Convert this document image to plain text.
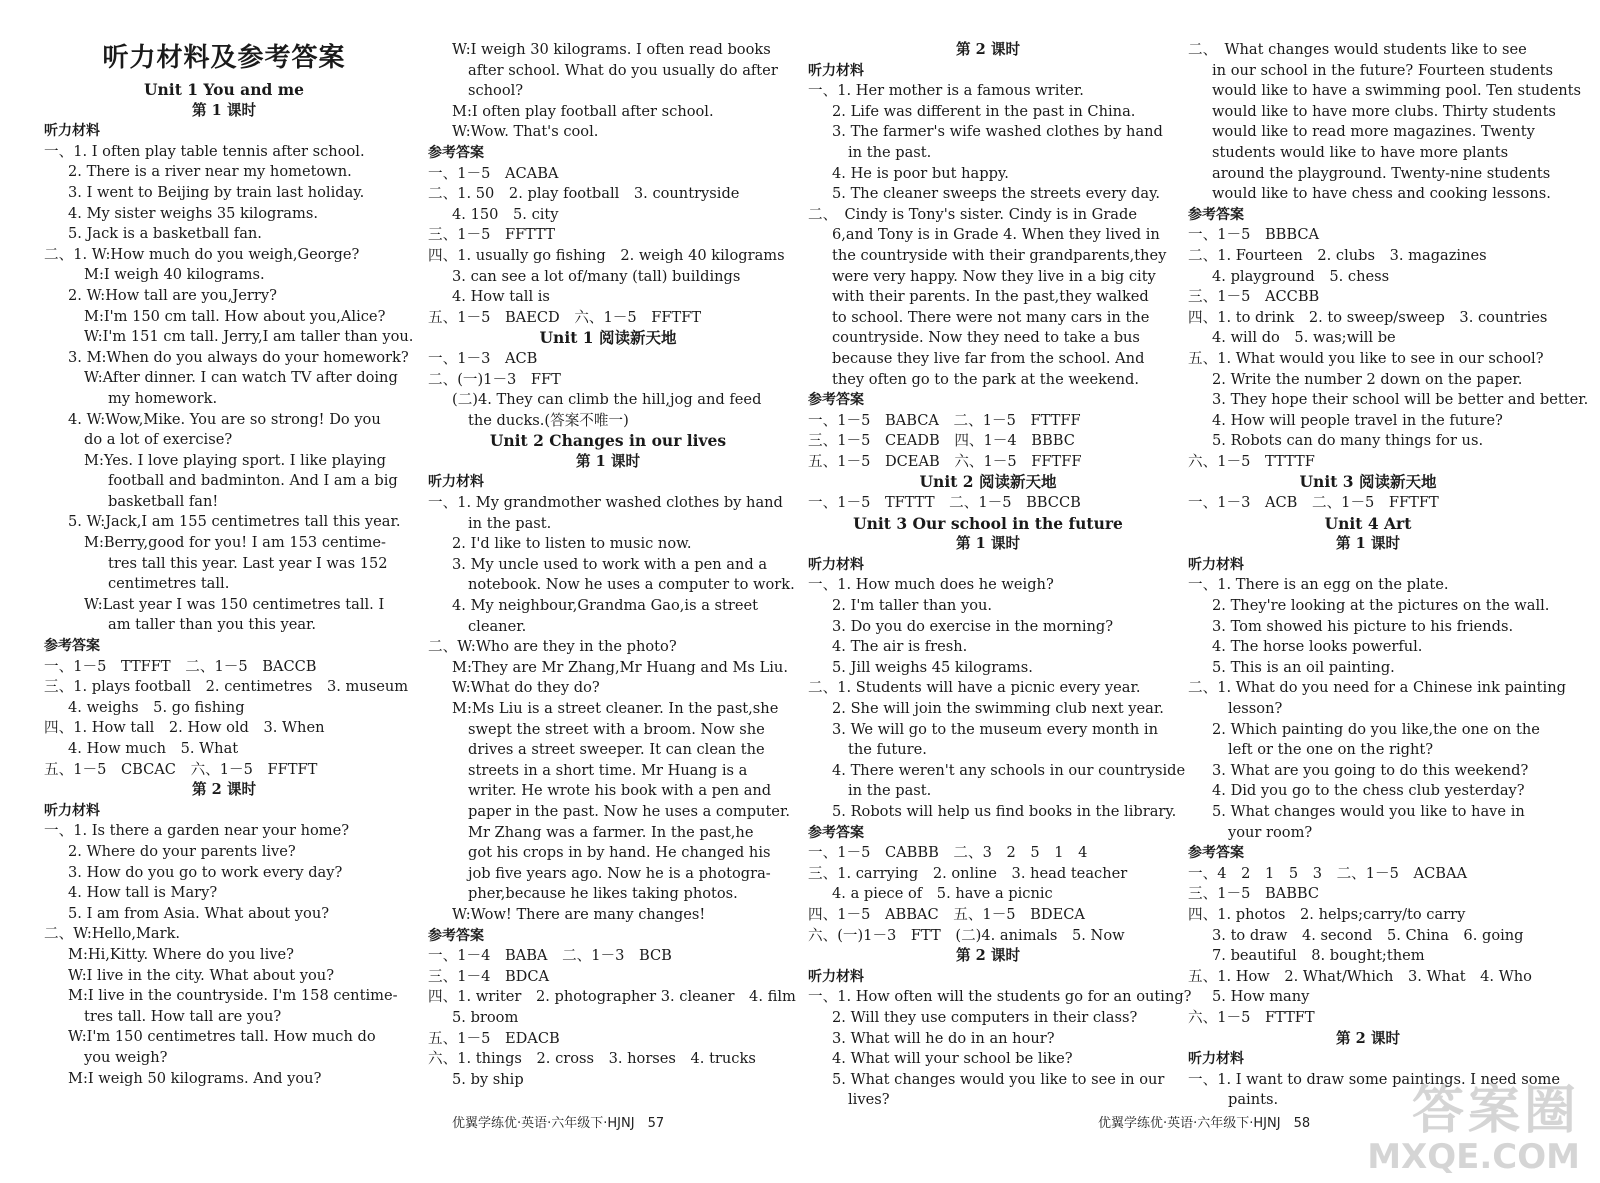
听力材料及参考答案
Unit 1 You and me
第 1 课时
听力材料
一、1. I often play table tennis after school.
2. There is a river near my hometown.
3. I went to Beijing by train last holiday.
4. My sister weighs 35 kilograms.
5. Jack is a basketball fan.
二、1. W:How much do you weigh,George?
M:I weigh 40 kilograms.
2. W:How tall are you,Jerry?
M:I'm 150 cm tall. How about you,Alice?
W:I'm 151 cm tall. Jerry,I am taller than you.
3. M:When do you always do your homework?
W:After dinner. I can watch TV after doing
my homework.
4. W:Wow,Mike. You are so strong! Do you
do a lot of exercise?
M:Yes. I love playing sport. I like playing
football and badminton. And I am a big
basketball fan!
5. W:Jack,I am 155 centimetres tall this year.
M:Berry,good for you! I am 153 centime-
tres tall this year. Last year I was 152
centimetres tall.
W:Last year I was 150 centimetres tall. I
am taller than you this year.
参考答案
一、1－5　TTFFT　二、1－5　BACCB
三、1. plays football　2. centimetres　3. museum
4. weighs　5. go fishing
四、1. How tall　2. How old　3. When
4. How much　5. What
五、1－5　CBCAC　六、1－5　FFTFT
第 2 课时
听力材料
一、1. Is there a garden near your home?
2. Where do your parents live?
3. How do you go to work every day?
4. How tall is Mary?
5. I am from Asia. What about you?
二、W:Hello,Mark.
M:Hi,Kitty. Where do you live?
W:I live in the city. What about you?
M:I live in the countryside. I'm 158 centime-
tres tall. How tall are you?
W:I'm 150 centimetres tall. How much do
you weigh?
M:I weigh 50 kilograms. And you?
W:I weigh 30 kilograms. I often read books
after school. What do you usually do after
school?
M:I often play football after school.
W:Wow. That's cool.
参考答案
一、1－5　ACABA
二、1. 50　2. play football　3. countryside
4. 150　5. city
三、1－5　FFTTT
四、1. usually go fishing　2. weigh 40 kilograms
3. can see a lot of/many (tall) buildings
4. How tall is
五、1－5　BAECD　六、1－5　FFTFT
Unit 1 阅读新天地
一、1－3　ACB
二、(一)1－3　FFT
(二)4. They can climb the hill,jog and feed
the ducks.(答案不唯一)
Unit 2 Changes in our lives
第 1 课时
听力材料
一、1. My grandmother washed clothes by hand
in the past.
2. I'd like to listen to music now.
3. My uncle used to work with a pen and a
notebook. Now he uses a computer to work.
4. My neighbour,Grandma Gao,is a street
cleaner.
二、W:Who are they in the photo?
M:They are Mr Zhang,Mr Huang and Ms Liu.
W:What do they do?
M:Ms Liu is a street cleaner. In the past,she
swept the street with a broom. Now she
drives a street sweeper. It can clean the
streets in a short time. Mr Huang is a
writer. He wrote his book with a pen and
paper in the past. Now he uses a computer.
Mr Zhang was a farmer. In the past,he
got his crops in by hand. He changed his
job five years ago. Now he is a photogra-
pher,because he likes taking photos.
W:Wow! There are many changes!
参考答案
一、1－4　BABA　二、1－3　BCB
三、1－4　BDCA
四、1. writer　2. photographer 3. cleaner　4. film
5. broom
五、1－5　EDACB
六、1. things　2. cross　3. horses　4. trucks
5. by ship
第 2 课时
听力材料
一、1. Her mother is a famous writer.
2. Life was different in the past in China.
3. The farmer's wife washed clothes by hand
in the past.
4. He is poor but happy.
5. The cleaner sweeps the streets every day.
二、　Cindy is Tony's sister. Cindy is in Grade
6,and Tony is in Grade 4. When they lived in
the countryside with their grandparents,they
were very happy. Now they live in a big city
with their parents. In the past,they walked
to school. There were not many cars in the
countryside. Now they need to take a bus
because they live far from the school. And
they often go to the park at the weekend.
参考答案
一、1－5　BABCA　二、1－5　FTTFF
三、1－5　CEADB　四、1－4　BBBC
五、1－5　DCEAB　六、1－5　FFTFF
Unit 2 阅读新天地
一、1－5　TFTTT　二、1－5　BBCCB
Unit 3 Our school in the future
第 1 课时
听力材料
一、1. How much does he weigh?
2. I'm taller than you.
3. Do you do exercise in the morning?
4. The air is fresh.
5. Jill weighs 45 kilograms.
二、1. Students will have a picnic every year.
2. She will join the swimming club next year.
3. We will go to the museum every month in
the future.
4. There weren't any schools in our countryside
in the past.
5. Robots will help us find books in the library.
参考答案
一、1－5　CABBB　二、3　2　5　1　4
三、1. carrying　2. online　3. head teacher
4. a piece of　5. have a picnic
四、1－5　ABBAC　五、1－5　BDECA
六、(一)1－3　FTT　(二)4. animals　5. Now
第 2 课时
听力材料
一、1. How often will the students go for an outing?
2. Will they use computers in their class?
3. What will he do in an hour?
4. What will your school be like?
5. What changes would you like to see in our
lives?
二、　What changes would students like to see
in our school in the future? Fourteen students
would like to have a swimming pool. Ten students
would like to have more clubs. Thirty students
would like to read more magazines. Twenty
students would like to have more plants
around the playground. Twenty-nine students
would like to have chess and cooking lessons.
参考答案
一、1－5　BBBCA
二、1. Fourteen　2. clubs　3. magazines
4. playground　5. chess
三、1－5　ACCBB
四、1. to drink　2. to sweep/sweep　3. countries
4. will do　5. was;will be
五、1. What would you like to see in our school?
2. Write the number 2 down on the paper.
3. They hope their school will be better and better.
4. How will people travel in the future?
5. Robots can do many things for us.
六、1－5　TTTTF
Unit 3 阅读新天地
一、1－3　ACB　二、1－5　FFTFT
Unit 4 Art
第 1 课时
听力材料
一、1. There is an egg on the plate.
2. They're looking at the pictures on the wall.
3. Tom showed his picture to his friends.
4. The horse looks powerful.
5. This is an oil painting.
二、1. What do you need for a Chinese ink painting
lesson?
2. Which painting do you like,the one on the
left or the one on the right?
3. What are you going to do this weekend?
4. Did you go to the chess club yesterday?
5. What changes would you like to have in
your room?
参考答案
一、4　2　1　5　3　二、1－5　ACBAA
三、1－5　BABBC
四、1. photos　2. helps;carry/to carry
3. to draw　4. second　5. China　6. going
7. beautiful　8. bought;them
五、1. How　2. What/Which　3. What　4. Who
5. How many
六、1－5　FTTFT
第 2 课时
听力材料
一、1. I want to draw some paintings. I need some
paints.
优翼学练优·英语·六年级下·HJNJ　57	优翼学练优·英语·六年级下·HJNJ　58	答案圈
MXQE.COM
